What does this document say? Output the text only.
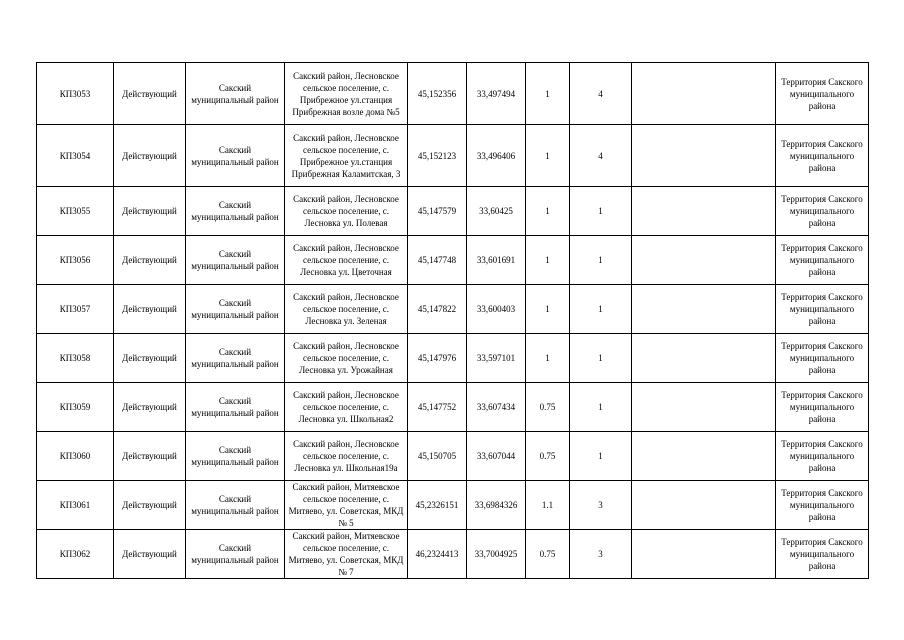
КП3053	Действующий	Сакский муниципальный район	Сакский район, Лесновское сельское поселение, с. Прибрежное ул.станция Прибрежная возле дома №5	45,152356	33,497494	1	4		Территория Сакского муниципального района
КП3054	Действующий	Сакский муниципальный район	Сакский район, Лесновское сельское поселение, с. Прибрежное ул.станция Прибрежная Каламитская, 3	45,152123	33,496406	1	4		Территория Сакского муниципального района
КП3055	Действующий	Сакский муниципальный район	Сакский район, Лесновское сельское поселение, с. Леснoвка ул. Полевая	45,147579	33,60425	1	1		Территория Сакского муниципального района
КП3056	Действующий	Сакский муниципальный район	Сакский район, Лесновское сельское поселение, с. Лесновка ул. Цветочная	45,147748	33,601691	1	1		Территория Сакского муниципального района
КП3057	Действующий	Сакский муниципальный район	Сакский район, Лесновское сельское поселение, с. Лесновка ул. Зеленая	45,147822	33,600403	1	1		Территория Сакского муниципального района
КП3058	Действующий	Сакский муниципальный район	Сакский район, Лесновское сельское поселение, с. Лесновка ул. Урожайная	45,147976	33,597101	1	1		Территория Сакского муниципального района
КП3059	Действующий	Сакский муниципальный район	Сакский район, Лесновское сельское поселение, с. Лесновка ул. Школьная2	45,147752	33,607434	0.75	1		Территория Сакского муниципального района
КП3060	Действующий	Сакский муниципальный район	Сакский район, Лесновское сельское поселение, с. Лесновка ул. Школьная19а	45,150705	33,607044	0.75	1		Территория Сакского муниципального района
КП3061	Действующий	Сакский муниципальный район	Сакский район, Митяевское сельское поселение, с. Митяево, ул. Советская, МКД № 5	45,2326151	33,6984326	1.1	3		Территория Сакского муниципального района
КП3062	Действующий	Сакский муниципальный район	Сакский район, Митяевское сельское поселение, с. Митяево, ул. Советская, МКД № 7	46,2324413	33,7004925	0.75	3		Территория Сакского муниципального района
